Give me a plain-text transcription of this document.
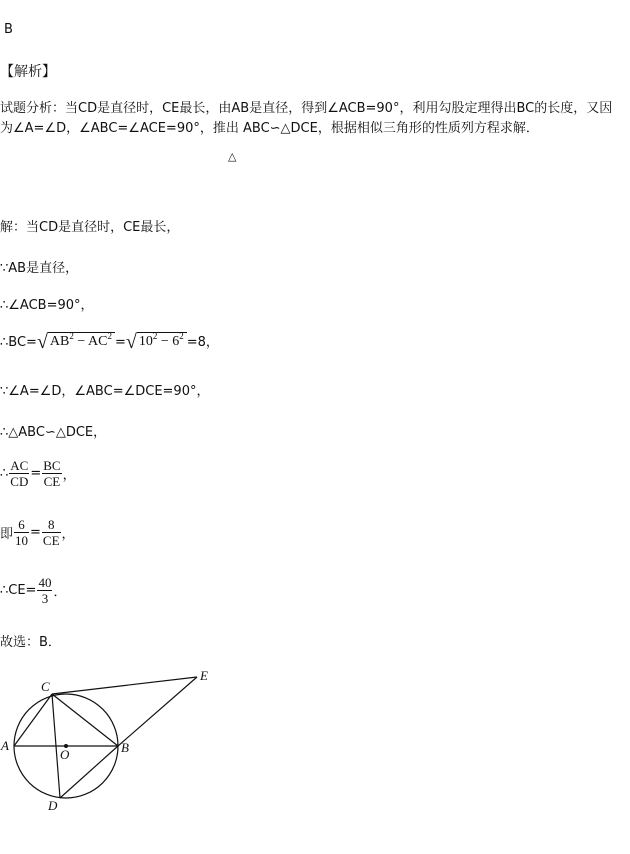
B
【解析】
试题分析：当CD是直径时，CE最长，由AB是直径，得到∠ACB=90°，利用勾股定理得出BC的长度，又因
为∠A=∠D，∠ABC=∠ACE=90°，推出 ABC∽△DCE，根据相似三角形的性质列方程求解．
△
解：当CD是直径时，CE最长，
∵AB是直径，
∴∠ACB=90°，
∴BC=√ $AB^2 - AC^2$ =√ $10^2 - 6^2 =8$，
∵∠A=∠D，∠ABC=∠DCE=90°，
∴△ABC∽△DCE，
∴ $\frac{AC}{CD} = \frac{BC}{CE}$ ，
即 $\frac{6}{10} = \frac{8}{CE}$ ，
∴CE= $\frac{40}{3}$ ．
故选：B．
A	B
C
D
E
O
